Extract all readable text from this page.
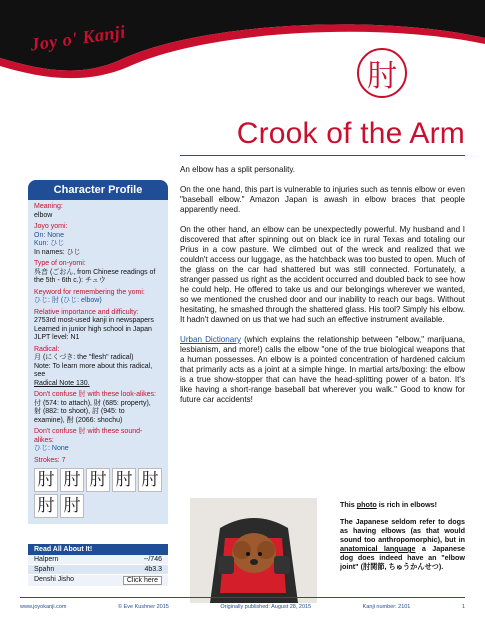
Joy o' Kanji
肘
Crook of the Arm
Character Profile
Meaning:
elbow
Joyo yomi:
On: None
Kun: ひじ
In names: ひじ
Type of on-yomi:
呉音 (ごおん, from Chinese readings of the 5th - 6th c.): チュウ
Keyword for remembering the yomi:
ひじ: 肘 (ひじ: elbow)
Relative importance and difficulty:
2753rd most-used kanji in newspapers
Learned in junior high school in Japan
JLPT level: N1
Radical:
月 (にくづき: the "flesh" radical)
Note: To learn more about this radical, see
Radical Note 130.
Don't confuse 肘 with these look-alikes:
付 (574: to attach), 財 (685: property),
射 (882: to shoot), 討 (945: to
examine), 酎 (2066: shochu)
Don't confuse 肘 with these sound-alikes:
ひじ: None
Strokes: 7
肘 肘 肘 肘 肘
肘 肘
Read All About It!
Halpern	--/746
Spahn	4b3.3
Denshi Jisho	Click here

An elbow has a split personality.

On the one hand, this part is vulnerable to injuries such as tennis elbow or even "baseball elbow." Amazon Japan is awash in elbow braces that people apparently need.

On the other hand, an elbow can be unexpectedly powerful. My husband and I discovered that after spinning out on black ice in rural Texas and totaling our Prius in a cow pasture. We climbed out of the wreck and realized that we couldn't access our luggage, as the hatchback was too busted to open. Much of the glass on the car had shattered but was still connected. Fortunately, a stranger passed us right as the accident occurred and doubled back to see how he could help. He offered to take us and our belongings wherever we wanted, so we mentioned the crushed door and our inability to reach our bags. Without hesitating, he smashed through the shattered glass. His tool? Simply his elbow. It hadn't dawned on us that we had such an effective instrument available.

Urban Dictionary (which explains the relationship between "elbow," marijuana, lesbianism, and more!) calls the elbow "one of the true biological weapons that a human possesses. An elbow is a pointed concentration of hardened calcium that primarily acts as a joint at a simple hinge. In martial arts/boxing: the elbow is a true show-stopper that can have the head-splitting power of a baton. It's like having a short-range baseball bat wherever you walk." Good to know for future car accidents!

This photo is rich in elbows!

The Japanese seldom refer to dogs as having elbows (as that would sound too anthropomorphic), but in anatomical language a Japanese dog does indeed have an "elbow joint" (肘関節, ちゅうかんせつ).

www.joyokanji.com	© Eve Kushner 2015	Originally published: August 28, 2015	Kanji number: 2101	1
